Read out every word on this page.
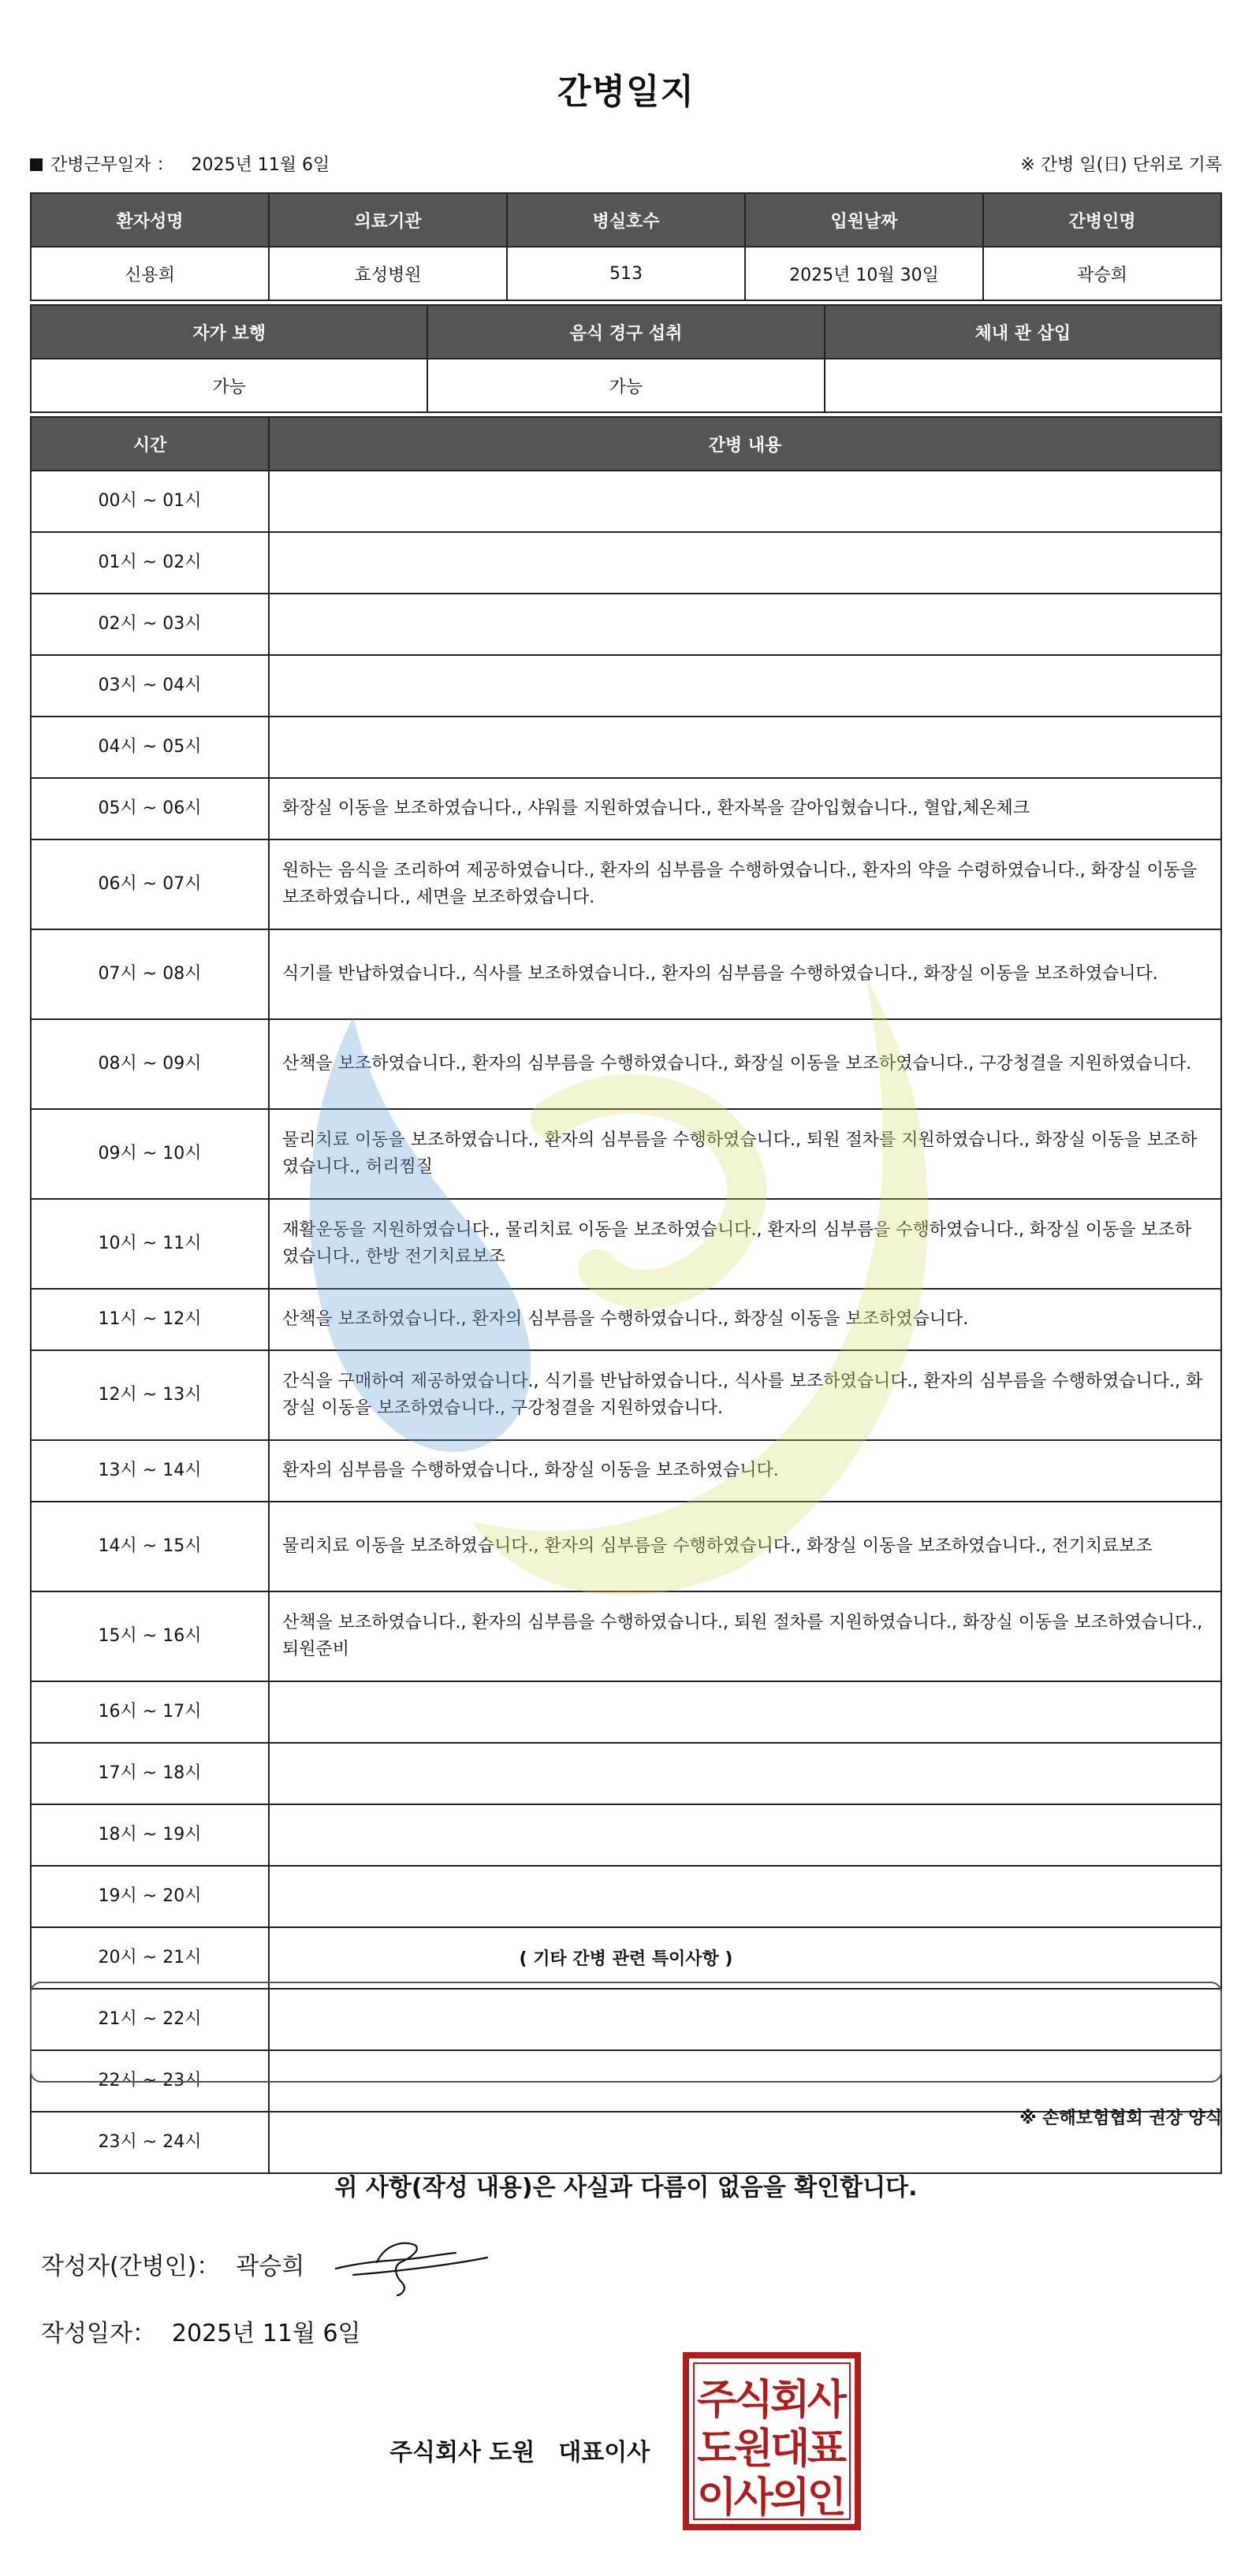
간병일지
간병근무일자 ： 2025년 11월 6일	※ 간병 일(日) 단위로 기록
환자성명	의료기관	병실호수	입원날짜	간병인명
신용희	효성병원	513	2025년 10월 30일	곽승희
자가 보행	음식 경구 섭취	체내 관 삽입
가능	가능	
시간	간병 내용
00시 ~ 01시	
01시 ~ 02시	
02시 ~ 03시	
03시 ~ 04시	
04시 ~ 05시	
05시 ~ 06시	화장실 이동을 보조하였습니다., 샤워를 지원하였습니다., 환자복을 갈아입혔습니다., 혈압,체온체크
06시 ~ 07시	원하는 음식을 조리하여 제공하였습니다., 환자의 심부름을 수행하였습니다., 환자의 약을 수령하였습니다., 화장실 이동을 보조하였습니다., 세면을 보조하였습니다.
07시 ~ 08시	식기를 반납하였습니다., 식사를 보조하였습니다., 환자의 심부름을 수행하였습니다., 화장실 이동을 보조하였습니다.
08시 ~ 09시	산책을 보조하였습니다., 환자의 심부름을 수행하였습니다., 화장실 이동을 보조하였습니다., 구강청결을 지원하였습니다.
09시 ~ 10시	물리치료 이동을 보조하였습니다., 환자의 심부름을 수행하였습니다., 퇴원 절차를 지원하였습니다., 화장실 이동을 보조하였습니다., 허리찜질
10시 ~ 11시	재활운동을 지원하였습니다., 물리치료 이동을 보조하였습니다., 환자의 심부름을 수행하였습니다., 화장실 이동을 보조하였습니다., 한방 전기치료보조
11시 ~ 12시	산책을 보조하였습니다., 환자의 심부름을 수행하였습니다., 화장실 이동을 보조하였습니다.
12시 ~ 13시	간식을 구매하여 제공하였습니다., 식기를 반납하였습니다., 식사를 보조하였습니다., 환자의 심부름을 수행하였습니다., 화장실 이동을 보조하였습니다., 구강청결을 지원하였습니다.
13시 ~ 14시	환자의 심부름을 수행하였습니다., 화장실 이동을 보조하였습니다.
14시 ~ 15시	물리치료 이동을 보조하였습니다., 환자의 심부름을 수행하였습니다., 화장실 이동을 보조하였습니다., 전기치료보조
15시 ~ 16시	산책을 보조하였습니다., 환자의 심부름을 수행하였습니다., 퇴원 절차를 지원하였습니다., 화장실 이동을 보조하였습니다., 퇴원준비
16시 ~ 17시	
17시 ~ 18시	
18시 ~ 19시	
19시 ~ 20시	
20시 ~ 21시	
21시 ~ 22시	
22시 ~ 23시	
23시 ~ 24시	
( 기타 간병 관련 특이사항 )
※ 손해보험협회 권장 양식
위 사항(작성 내용)은 사실과 다름이 없음을 확인합니다.
작성자(간병인)： 곽승희
작성일자： 2025년 11월 6일
주식회사 도원 대표이사
주식회사
도원대표
이사의인
